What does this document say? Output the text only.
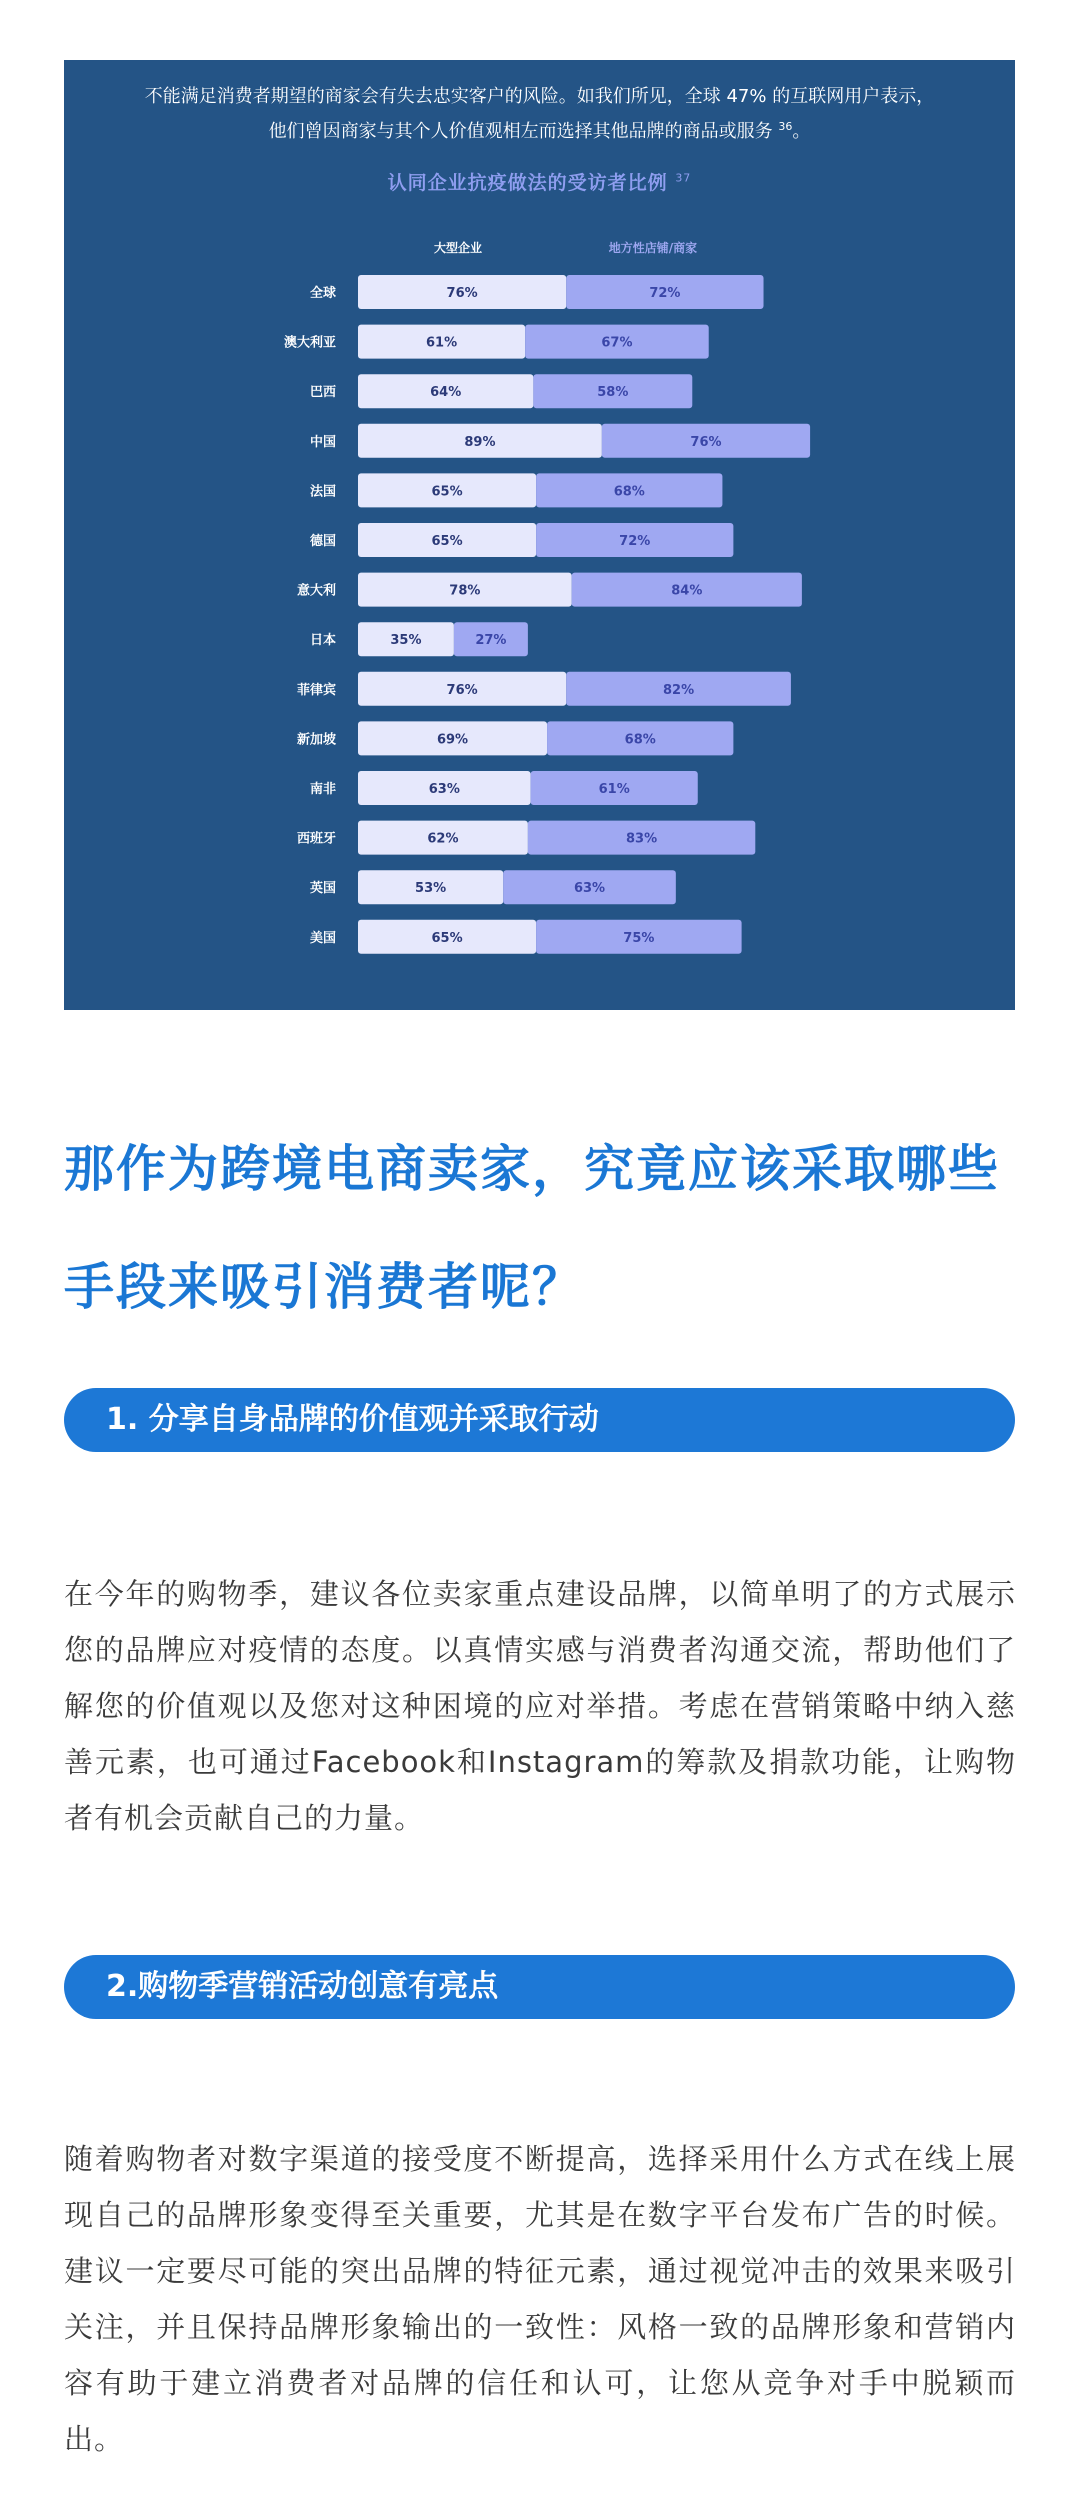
不能满足消费者期望的商家会有失去忠实客户的风险。如我们所见，全球 47% 的互联网用户表示，他们曾因商家与其个人价值观相左而选择其他品牌的商品或服务 $^{36}$。

认同企业抗疫做法的受访者比例 $^{37}$
大型企业	地方性店铺/商家
全球	76%	72%
澳大利亚	61%	67%
巴西	64%	58%
中国	89%	76%
法国	65%	68%
德国	65%	72%
意大利	78%	84%
日本	35%	27%
菲律宾	76%	82%
新加坡	69%	68%
南非	63%	61%
西班牙	62%	83%
英国	53%	63%
美国	65%	75%
那作为跨境电商卖家，究竟应该采取哪些手段来吸引消费者呢？
1. 分享自身品牌的价值观并采取行动

在今年的购物季，建议各位卖家重点建设品牌，以简单明了的方式展示您的品牌应对疫情的态度。以真情实感与消费者沟通交流，帮助他们了解您的价值观以及您对这种困境的应对举措。考虑在营销策略中纳入慈善元素，也可通过Facebook和Instagram的筹款及捐款功能，让购物者有机会贡献自己的力量。

2.购物季营销活动创意有亮点

随着购物者对数字渠道的接受度不断提高，选择采用什么方式在线上展现自己的品牌形象变得至关重要，尤其是在数字平台发布广告的时候。建议一定要尽可能的突出品牌的特征元素，通过视觉冲击的效果来吸引关注，并且保持品牌形象输出的一致性：风格一致的品牌形象和营销内容有助于建立消费者对品牌的信任和认可，让您从竞争对手中脱颖而出。
